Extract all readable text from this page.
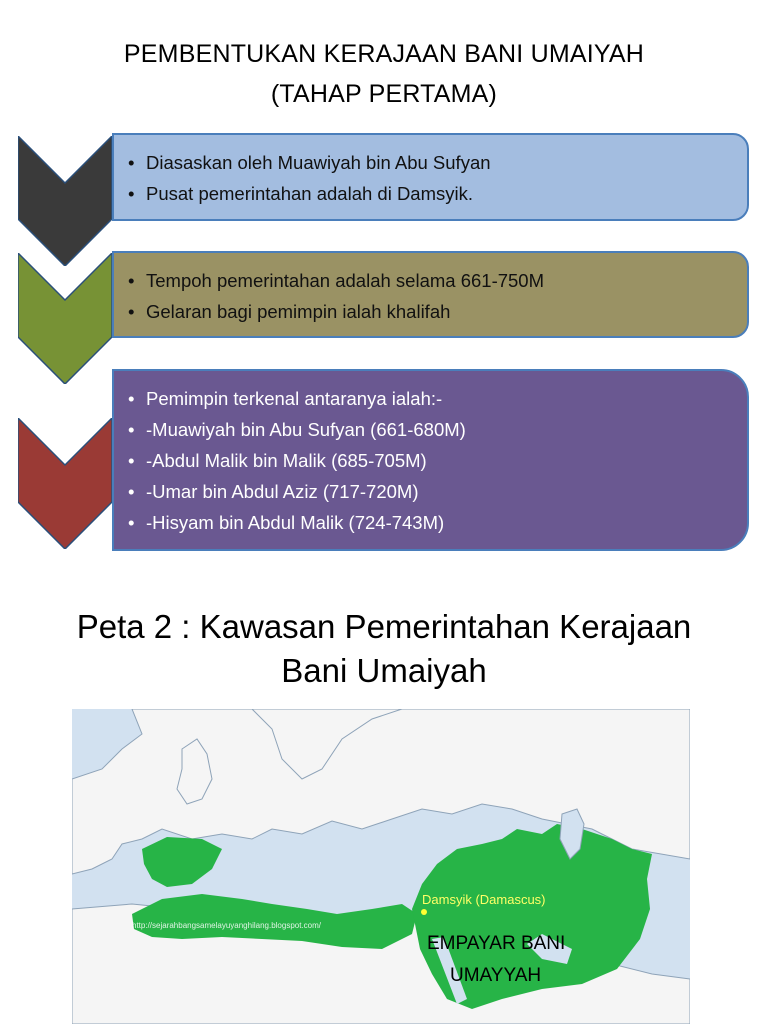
PEMBENTUKAN KERAJAAN BANI UMAIYAH
(TAHAP PERTAMA)
• Diasaskan oleh Muawiyah bin Abu Sufyan
• Pusat pemerintahan adalah di Damsyik.
• Tempoh pemerintahan adalah selama 661-750M
• Gelaran bagi pemimpin ialah khalifah
• Pemimpin terkenal antaranya ialah:-
• -Muawiyah bin Abu Sufyan (661-680M)
• -Abdul Malik bin Malik (685-705M)
• -Umar bin Abdul Aziz (717-720M)
• -Hisyam bin Abdul Malik (724-743M)
Peta 2 : Kawasan Pemerintahan Kerajaan
Bani Umaiyah
Damsyik (Damascus)
http://sejarahbangsamelayuyanghilang.blogspot.com/
EMPAYAR BANI
UMAYYAH
